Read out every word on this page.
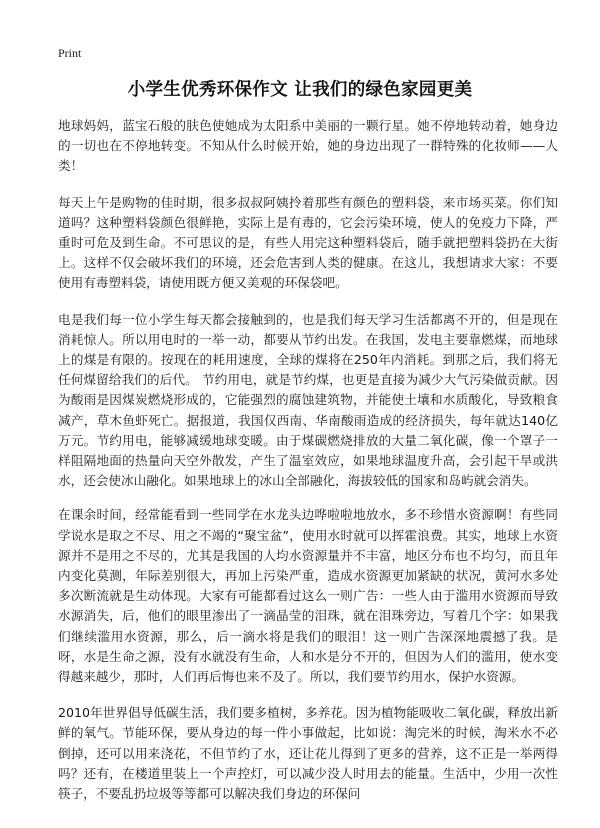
Print
小学生优秀环保作文 让我们的绿色家园更美

地球妈妈，蓝宝石般的肤色使她成为太阳系中美丽的一颗行星。她不停地转动着，她身边的一切也在不停地转变。不知从什么时候开始，她的身边出现了一群特殊的化妆师——人类！

每天上午是购物的佳时期，很多叔叔阿姨拎着那些有颜色的塑料袋，来市场买菜。你们知道吗？这种塑料袋颜色很鲜艳，实际上是有毒的，它会污染环境，使人的免疫力下降，严重时可危及到生命。不可思议的是，有些人用完这种塑料袋后，随手就把塑料袋扔在大街上。这样不仅会破坏我们的环境，还会危害到人类的健康。在这儿，我想请求大家：不要使用有毒塑料袋，请使用既方便又美观的环保袋吧。

电是我们每一位小学生每天都会接触到的，也是我们每天学习生活都离不开的，但是现在消耗惊人。所以用电时的一举一动，都要从节约出发。在我国，发电主要靠燃煤，而地球上的煤是有限的。按现在的耗用速度，全球的煤将在250年内消耗。到那之后，我们将无任何煤留给我们的后代。 节约用电，就是节约煤，也更是直接为减少大气污染做贡献。因为酸雨是因煤炭燃烧形成的，它能强烈的腐蚀建筑物，并能使土壤和水质酸化，导致粮食减产，草木鱼虾死亡。据报道，我国仅西南、华南酸雨造成的经济损失，每年就达140亿万元。节约用电，能够减缓地球变暖。由于煤碳燃烧排放的大量二氧化碳，像一个罩子一样阻隔地面的热量向天空外散发，产生了温室效应，如果地球温度升高，会引起干旱或洪水，还会使冰山融化。如果地球上的冰山全部融化，海拔较低的国家和岛屿就会消失。

在课余时间，经常能看到一些同学在水龙头边哗啦啦地放水，多不珍惜水资源啊！有些同学说水是取之不尽、用之不竭的“聚宝盆”，使用水时就可以挥霍浪费。其实，地球上水资源并不是用之不尽的，尤其是我国的人均水资源量并不丰富，地区分布也不均匀，而且年内变化莫测，年际差别很大，再加上污染严重，造成水资源更加紧缺的状况，黄河水多处多次断流就是生动体现。大家有可能都看过这么一则广告：一些人由于滥用水资源而导致水源消失，后，他们的眼里渗出了一滴晶莹的泪珠，就在泪珠旁边，写着几个字：如果我们继续滥用水资源，那么，后一滴水将是我们的眼泪！这一则广告深深地震撼了我。是呀，水是生命之源，没有水就没有生命，人和水是分不开的，但因为人们的滥用，使水变得越来越少，那时，人们再后悔也来不及了。所以，我们要节约用水，保护水资源。

2010年世界倡导低碳生活，我们要多植树，多养花。因为植物能吸收二氧化碳，释放出新鲜的氧气。节能环保，要从身边的每一件小事做起，比如说：淘完米的时候，淘米水不必倒掉，还可以用来浇花，不但节约了水，还让花儿得到了更多的营养，这不正是一举两得吗？还有，在楼道里装上一个声控灯，可以减少没人时用去的能量。生活中，少用一次性筷子，不要乱扔垃圾等等都可以解决我们身边的环保问
